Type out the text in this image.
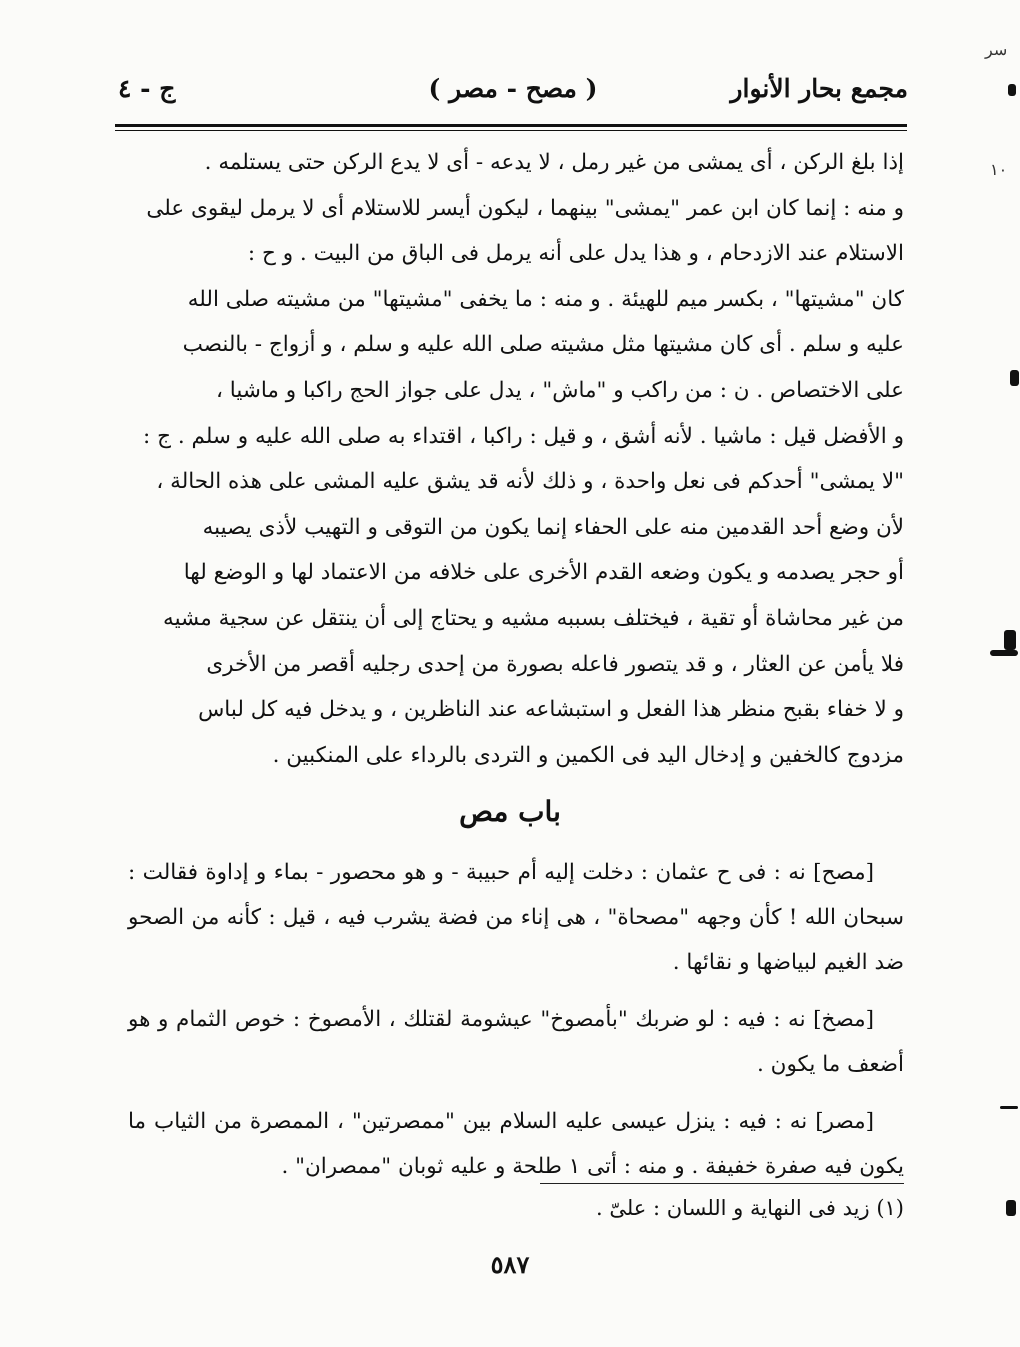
مجمع بحار الأنوار
( مصح - مصر )
ج - ٤

إذا بلغ الركن ، أى يمشى من غير رمل ، لا يدعه - أى لا يدع الركن حتى يستلمه .

و منه : إنما كان ابن عمر "يمشى" بينهما ، ليكون أيسر للاستلام أى لا يرمل ليقوى على

الاستلام عند الازدحام ، و هذا يدل على أنه يرمل فى الباق من البيت . و ح :

كان "مشيتها" ، بكسر ميم للهيئة . و منه : ما يخفى "مشيتها" من مشيته صلى الله

عليه و سلم . أى كان مشيتها مثل مشيته صلى الله عليه و سلم ، و أزواج - بالنصب

على الاختصاص . ن : من راكب و "ماش" ، يدل على جواز الحج راكبا و ماشيا ،

و الأفضل قيل : ماشيا . لأنه أشق ، و قيل : راكبا ، اقتداء به صلى الله عليه و سلم . ج :

"لا يمشى" أحدكم فى نعل واحدة ، و ذلك لأنه قد يشق عليه المشى على هذه الحالة ،

لأن وضع أحد القدمين منه على الحفاء إنما يكون من التوقى و التهيب لأذى يصيبه

أو حجر يصدمه و يكون وضعه القدم الأخرى على خلافه من الاعتماد لها و الوضع لها

من غير محاشاة أو تقية ، فيختلف بسببه مشيه و يحتاج إلى أن ينتقل عن سجية مشيه

فلا يأمن عن العثار ، و قد يتصور فاعله بصورة من إحدى رجليه أقصر من الأخرى

و لا خفاء بقبح منظر هذا الفعل و استبشاعه عند الناظرين ، و يدخل فيه كل لباس

مزدوج كالخفين و إدخال اليد فى الكمين و التردى بالرداء على المنكبين .

باب مص

[مصح] نه : فى ح عثمان : دخلت إليه أم حبيبة - و هو محصور - بماء و إداوة فقالت : سبحان الله ! كأن وجهه "مصحاة" ، هى إناء من فضة يشرب فيه ، قيل : كأنه من الصحو ضد الغيم لبياضها و نقائها .

[مصخ] نه : فيه : لو ضربك "بأمصوخ" عيشومة لقتلك ، الأمصوخ : خوص الثمام و هو أضعف ما يكون .

[مصر] نه : فيه : ينزل عيسى عليه السلام بين "ممصرتين" ، الممصرة من الثياب ما يكون فيه صفرة خفيفة . و منه : أتى ١ طلحة و عليه ثوبان "ممصران" .

(١) زيد فى النهاية و اللسان : علىّ .
٥٨٧
سر
١٠
